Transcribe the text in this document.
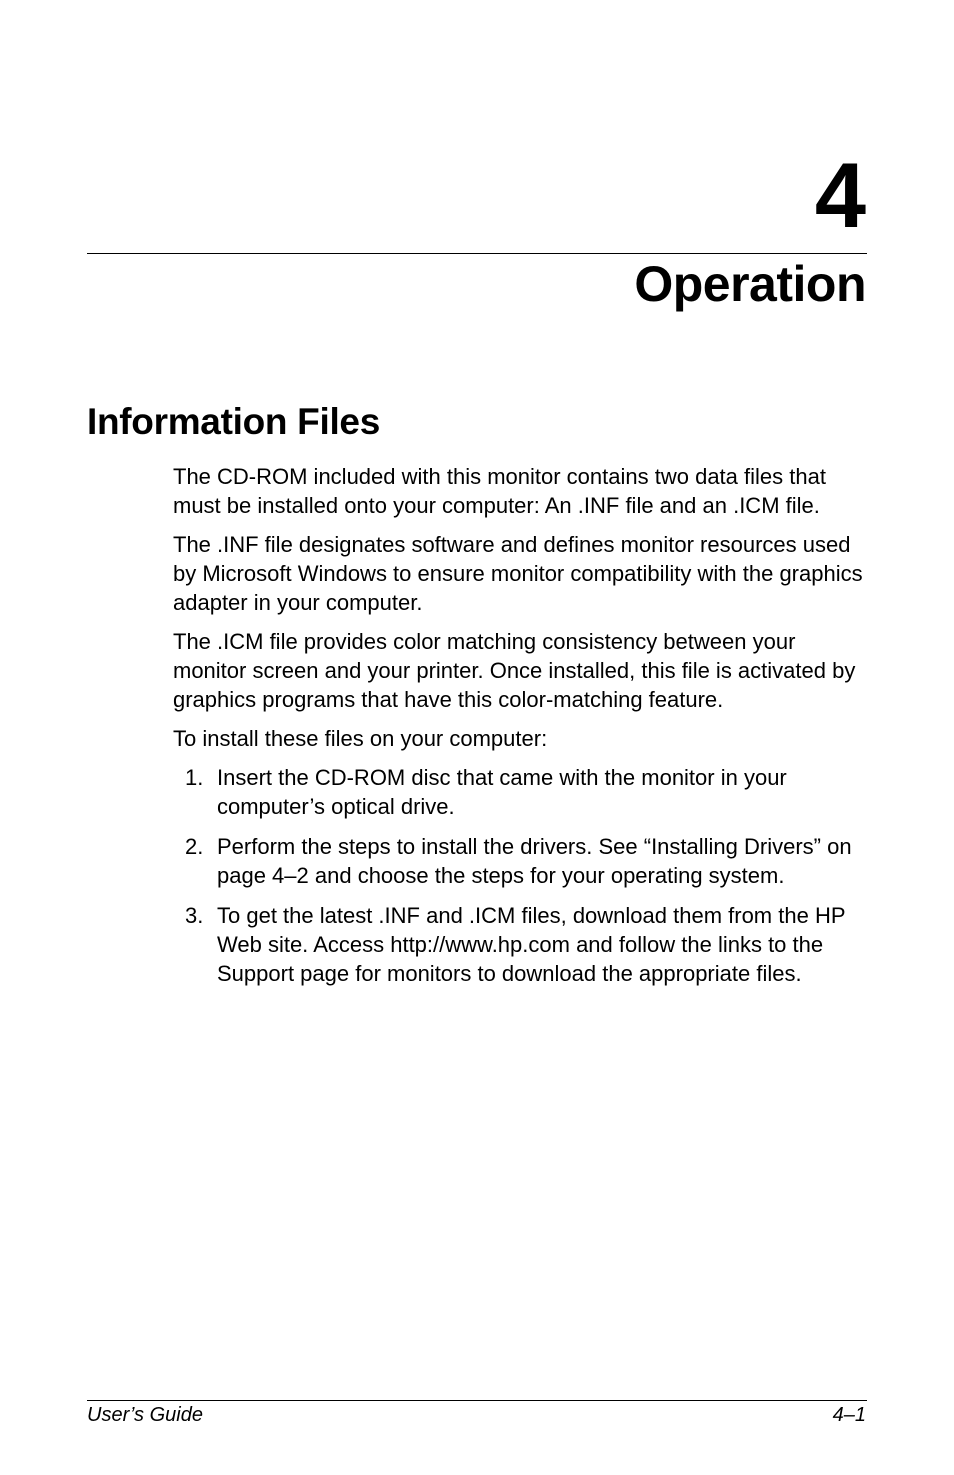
4
Operation
Information Files

The CD-ROM included with this monitor contains two data files that must be installed onto your computer: An .INF file and an .ICM file.

The .INF file designates software and defines monitor resources used by Microsoft Windows to ensure monitor compatibility with the graphics adapter in your computer.

The .ICM file provides color matching consistency between your monitor screen and your printer. Once installed, this file is activated by graphics programs that have this color-matching feature.

To install these files on your computer:

1. Insert the CD-ROM disc that came with the monitor in your computer’s optical drive.
2. Perform the steps to install the drivers. See “Installing Drivers” on page 4–2 and choose the steps for your operating system.
3. To get the latest .INF and .ICM files, download them from the HP Web site. Access http://www.hp.com and follow the links to the Support page for monitors to download the appropriate files.
User’s Guide	4–1
